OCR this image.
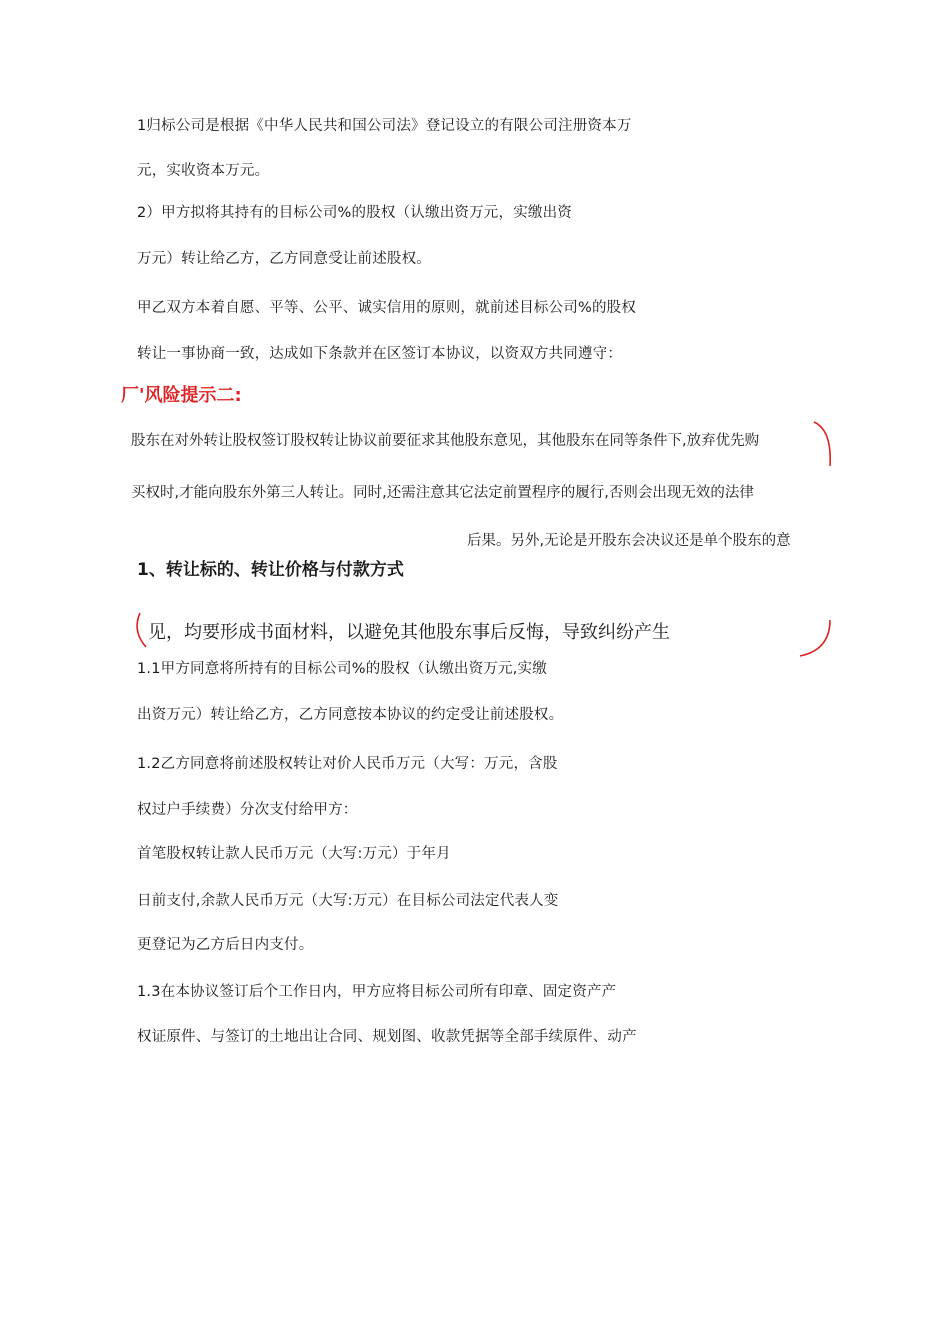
1归标公司是根据《中华人民共和国公司法》登记设立的有限公司注册资本万
元，实收资本万元。
2）甲方拟将其持有的目标公司%的股权（认缴出资万元，实缴出资
万元）转让给乙方，乙方同意受让前述股权。
甲乙双方本着自愿、平等、公平、诚实信用的原则，就前述目标公司%的股权
转让一事协商一致，达成如下条款并在区签订本协议，以资双方共同遵守：
厂'风险提示二:
股东在对外转让股权签订股权转让协议前要征求其他股东意见，其他股东在同等条件下,放弃优先购
买权时,才能向股东外第三人转让。同时,还需注意其它法定前置程序的履行,否则会出现无效的法律
后果。另外,无论是开股东会决议还是单个股东的意
1、转让标的、转让价格与付款方式
见，均要形成书面材料，以避免其他股东事后反悔，导致纠纷产生
1.1甲方同意将所持有的目标公司%的股权（认缴出资万元,实缴
出资万元）转让给乙方，乙方同意按本协议的约定受让前述股权。
1.2乙方同意将前述股权转让对价人民币万元（大写：万元，含股
权过户手续费）分次支付给甲方：
首笔股权转让款人民币万元（大写:万元）于年月
日前支付,余款人民币万元（大写:万元）在目标公司法定代表人变
更登记为乙方后日内支付。
1.3在本协议签订后个工作日内，甲方应将目标公司所有印章、固定资产产
权证原件、与签订的土地出让合同、规划图、收款凭据等全部手续原件、动产
